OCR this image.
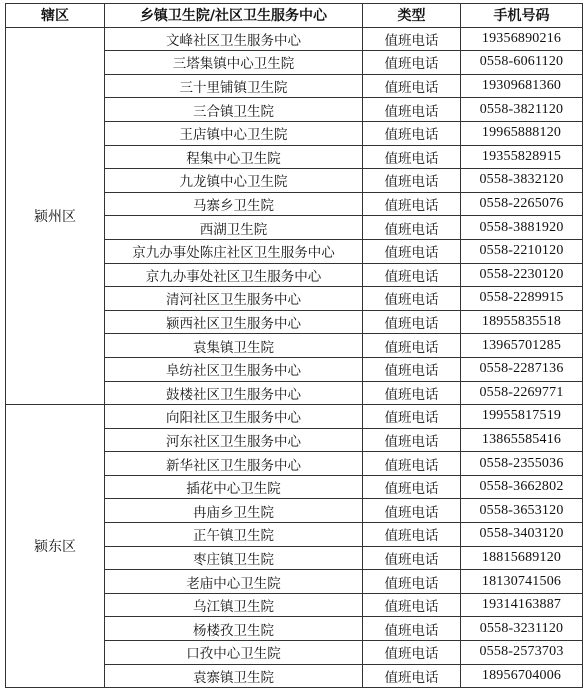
辖区	乡镇卫生院/社区卫生服务中心	类型	手机号码
颍州区	文峰社区卫生服务中心	值班电话	19356890216
	三塔集镇中心卫生院	值班电话	0558-6061120
	三十里铺镇卫生院	值班电话	19309681360
	三合镇卫生院	值班电话	0558-3821120
	王店镇中心卫生院	值班电话	19965888120
	程集中心卫生院	值班电话	19355828915
	九龙镇中心卫生院	值班电话	0558-3832120
	马寨乡卫生院	值班电话	0558-2265076
	西湖卫生院	值班电话	0558-3881920
	京九办事处陈庄社区卫生服务中心	值班电话	0558-2210120
	京九办事处社区卫生服务中心	值班电话	0558-2230120
	清河社区卫生服务中心	值班电话	0558-2289915
	颍西社区卫生服务中心	值班电话	18955835518
	袁集镇卫生院	值班电话	13965701285
	阜纺社区卫生服务中心	值班电话	0558-2287136
	鼓楼社区卫生服务中心	值班电话	0558-2269771
颍东区	向阳社区卫生服务中心	值班电话	19955817519
	河东社区卫生服务中心	值班电话	13865585416
	新华社区卫生服务中心	值班电话	0558-2355036
	插花中心卫生院	值班电话	0558-3662802
	冉庙乡卫生院	值班电话	0558-3653120
	正午镇卫生院	值班电话	0558-3403120
	枣庄镇卫生院	值班电话	18815689120
	老庙中心卫生院	值班电话	18130741506
	乌江镇卫生院	值班电话	19314163887
	杨楼孜卫生院	值班电话	0558-3231120
	口孜中心卫生院	值班电话	0558-2573703
	袁寨镇卫生院	值班电话	18956704006
